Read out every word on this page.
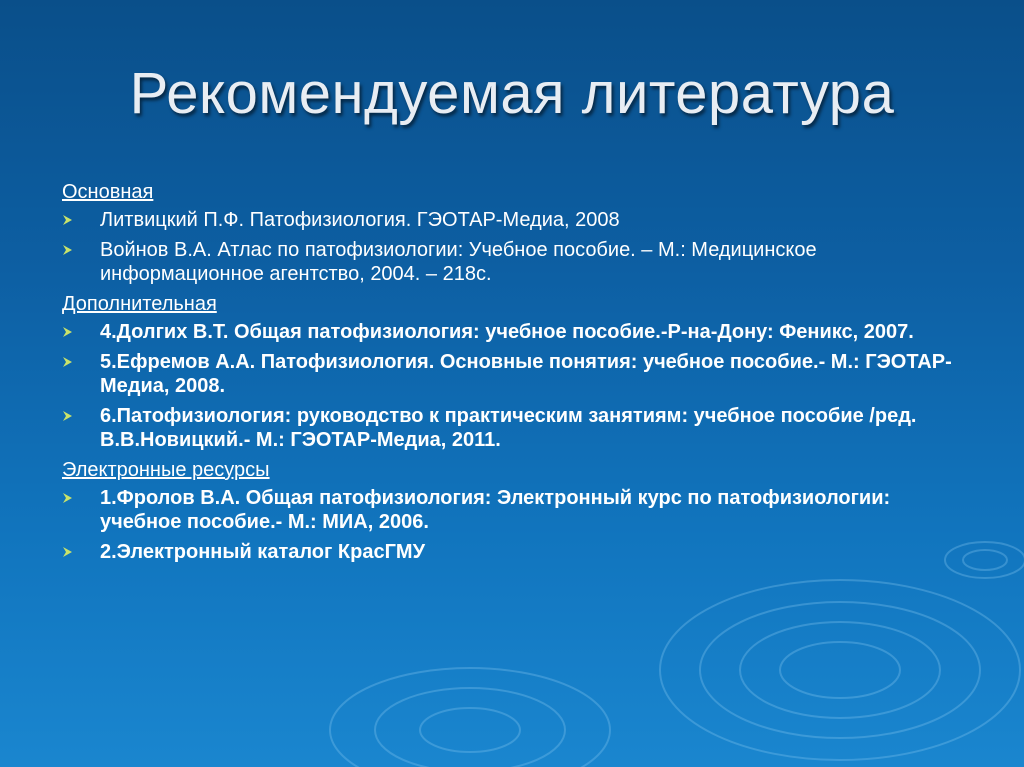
Рекомендуемая литература
Основная
Литвицкий П.Ф. Патофизиология. ГЭОТАР-Медиа, 2008
Войнов В.А. Атлас по патофизиологии: Учебное пособие. – М.: Медицинское информационное агентство, 2004. – 218с.
Дополнительная
4.Долгих В.Т. Общая патофизиология: учебное пособие.-Р-на-Дону: Феникс, 2007.
5.Ефремов А.А. Патофизиология. Основные понятия: учебное пособие.- М.: ГЭОТАР-Медиа, 2008.
6.Патофизиология: руководство к практическим занятиям: учебное пособие /ред. В.В.Новицкий.- М.: ГЭОТАР-Медиа, 2011.
Электронные ресурсы
1.Фролов В.А. Общая патофизиология: Электронный курс по патофизиологии: учебное пособие.- М.: МИА, 2006.
2.Электронный каталог КрасГМУ
